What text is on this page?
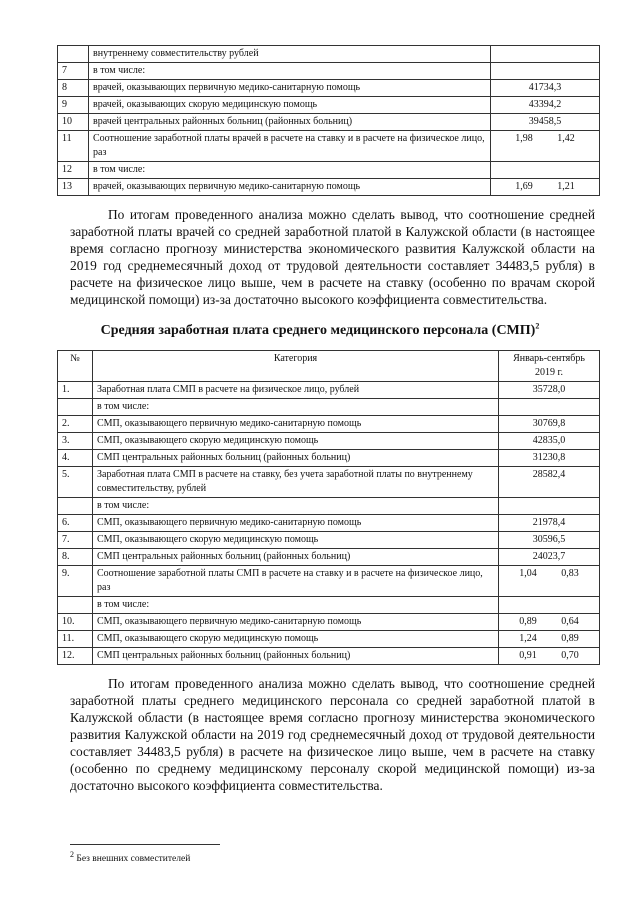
	внутреннему совместительству рублей	
7	в том числе:	
8	врачей, оказывающих первичную медико-санитарную помощь	41734,3
9	врачей, оказывающих скорую медицинскую помощь	43394,2
10	врачей центральных районных больниц (районных больниц)	39458,5
11	Соотношение заработной платы врачей в расчете на ставку и в расчете на физическое лицо, раз	1,98 1,42
12	в том числе:	
13	врачей, оказывающих первичную медико-санитарную помощь	1,69 1,21

По итогам проведенного анализа можно сделать вывод, что соотношение средней заработной платы врачей со средней заработной платой в Калужской области (в настоящее время согласно прогнозу министерства экономического развития Калужской области на 2019 год среднемесячный доход от трудовой деятельности составляет 34483,5 рубля) в расчете на физическое лицо выше, чем в расчете на ставку (особенно по врачам скорой медицинской помощи) из-за достаточно высокого коэффициента совместительства.

Средняя заработная плата среднего медицинского персонала (СМП)$^2$
№	Категория	Январь-сентябрь 2019 г.
1.	Заработная плата СМП в расчете на физическое лицо, рублей	35728,0
	в том числе:	
2.	СМП, оказывающего первичную медико-санитарную помощь	30769,8
3.	СМП, оказывающего скорую медицинскую помощь	42835,0
4.	СМП центральных районных больниц (районных больниц)	31230,8
5.	Заработная плата СМП в расчете на ставку, без учета заработной платы по внутреннему совместительству, рублей	28582,4
	в том числе:	
6.	СМП, оказывающего первичную медико-санитарную помощь	21978,4
7.	СМП, оказывающего скорую медицинскую помощь	30596,5
8.	СМП центральных районных больниц (районных больниц)	24023,7
9.	Соотношение заработной платы СМП в расчете на ставку и в расчете на физическое лицо, раз	1,04 0,83
	в том числе:	
10.	СМП, оказывающего первичную медико-санитарную помощь	0,89 0,64
11.	СМП, оказывающего скорую медицинскую помощь	1,24 0,89
12.	СМП центральных районных больниц (районных больниц)	0,91 0,70

По итогам проведенного анализа можно сделать вывод, что соотношение средней заработной платы среднего медицинского персонала со средней заработной платой в Калужской области (в настоящее время согласно прогнозу министерства экономического развития Калужской области на 2019 год среднемесячный доход от трудовой деятельности составляет 34483,5 рубля) в расчете на физическое лицо выше, чем в расчете на ставку (особенно по среднему медицинскому персоналу скорой медицинской помощи) из-за достаточно высокого коэффициента совместительства.

$^2$ Без внешних совместителей
